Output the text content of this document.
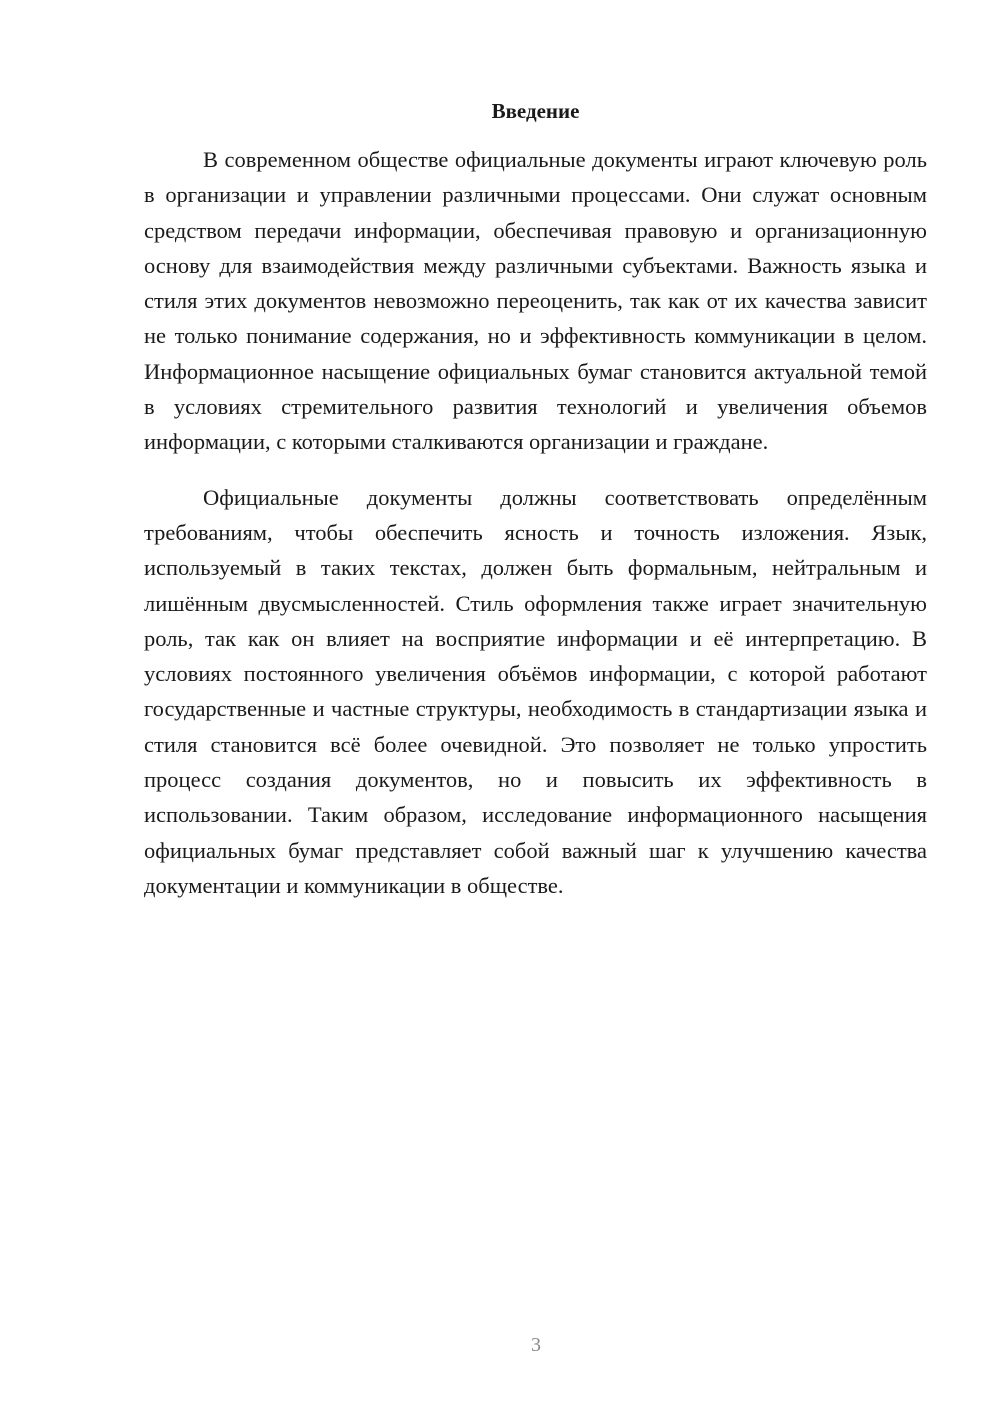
Введение

В современном обществе официальные документы играют ключевую роль в организации и управлении различными процессами. Они служат основным средством передачи информации, обеспечивая правовую и организационную основу для взаимодействия между различными субъектами. Важность языка и стиля этих документов невозможно переоценить, так как от их качества зависит не только понимание содержания, но и эффективность коммуникации в целом. Информационное насыщение официальных бумаг становится актуальной темой в условиях стремительного развития технологий и увеличения объемов информации, с которыми сталкиваются организации и граждане.

Официальные документы должны соответствовать определённым требованиям, чтобы обеспечить ясность и точность изложения. Язык, используемый в таких текстах, должен быть формальным, нейтральным и лишённым двусмысленностей. Стиль оформления также играет значительную роль, так как он влияет на восприятие информации и её интерпретацию. В условиях постоянного увеличения объёмов информации, с которой работают государственные и частные структуры, необходимость в стандартизации языка и стиля становится всё более очевидной. Это позволяет не только упростить процесс создания документов, но и повысить их эффективность в использовании. Таким образом, исследование информационного насыщения официальных бумаг представляет собой важный шаг к улучшению качества документации и коммуникации в обществе.

3
